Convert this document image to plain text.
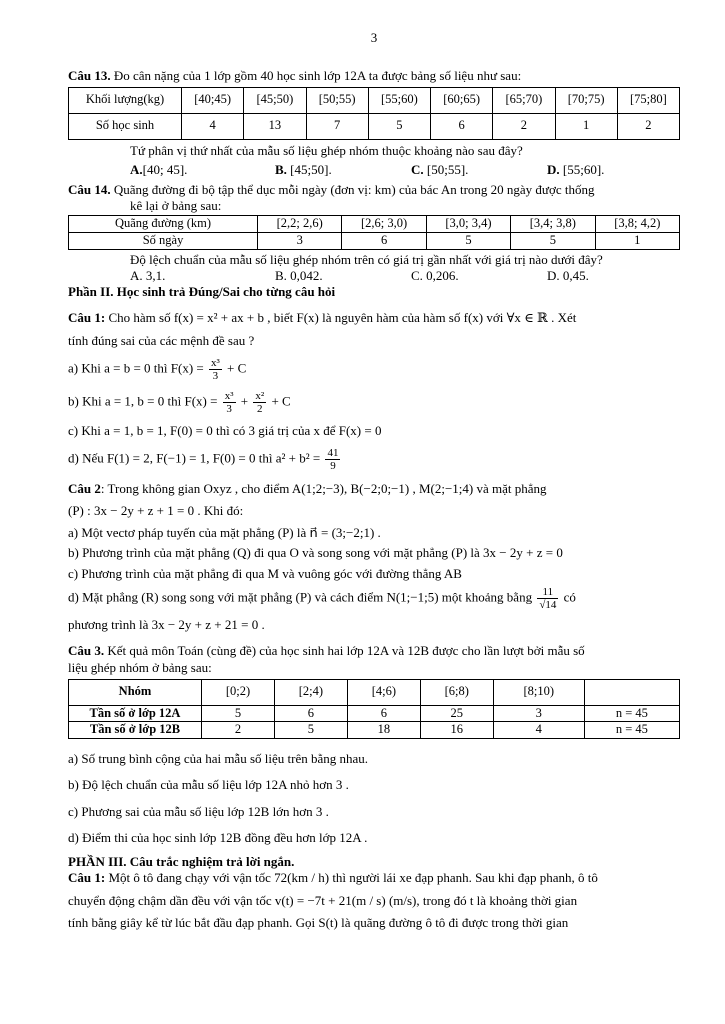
3
Câu 13. Đo cân nặng của 1 lớp gồm 40 học sinh lớp 12A ta được bảng số liệu như sau:
Khối lượng(kg)	[40;45)	[45;50)	[50;55)	[55;60)	[60;65)	[65;70)	[70;75)	[75;80]
Số học sinh	4	13	7	5	6	2	1	2
Tứ phân vị thứ nhất của mẫu số liệu ghép nhóm thuộc khoảng nào sau đây?
A.[40; 45].	B. [45;50].	C. [50;55].	D. [55;60].
Câu 14. Quãng đường đi bộ tập thể dục mỗi ngày (đơn vị: km) của bác An trong 20 ngày được thống
kê lại ở bảng sau:
Quãng đường (km)	[2,2; 2,6)	[2,6; 3,0)	[3,0; 3,4)	[3,4; 3,8)	[3,8; 4,2)
Số ngày	3	6	5	5	1
Độ lệch chuẩn của mẫu số liệu ghép nhóm trên có giá trị gần nhất với giá trị nào dưới đây?
A. 3,1.	B. 0,042.	C. 0,206.	D. 0,45.
Phần II. Học sinh trả Đúng/Sai cho từng câu hỏi
Câu 1: Cho hàm số f(x) = x² + ax + b , biết F(x) là nguyên hàm của hàm số f(x) với ∀x ∈ ℝ . Xét
tính đúng sai của các mệnh đề sau ?
a) Khi a = b = 0 thì $F(x) = \frac{\text{x³}}{3} + C$
b) Khi a = 1, b = 0 thì $F(x) = \frac{\text{x³}}{3} + \frac{\text{x²}}{2} + C$
c) Khi a = 1, b = 1, F(0) = 0 thì có 3 giá trị của x để F(x) = 0
d) Nếu F(1) = 2, F(−1) = 1, F(0) = 0 thì $a^2 + b^2 = \frac{41}{9}$
Câu 2: Trong không gian Oxyz , cho điểm A(1;2;−3), B(−2;0;−1) , M(2;−1;4) và mặt phẳng
(P) : 3x − 2y + z + 1 = 0 . Khi đó:
a) Một vectơ pháp tuyến của mặt phẳng (P) là n⃗ = (3;−2;1) .
b) Phương trình của mặt phẳng (Q) đi qua O và song song với mặt phẳng (P) là 3x − 2y + z = 0
c) Phương trình của mặt phẳng đi qua M và vuông góc với đường thẳng AB
d) Mặt phẳng (R) song song với mặt phẳng (P) và cách điểm N(1;−1;5) một khoảng bằng $\frac{11}{√14}$ có
phương trình là 3x − 2y + z + 21 = 0 .
Câu 3. Kết quả môn Toán (cùng đề) của học sinh hai lớp 12A và 12B được cho lần lượt bởi mẫu số
liệu ghép nhóm ở bảng sau:
Nhóm	[0;2)	[2;4)	[4;6)	[6;8)	[8;10)	
Tần số ở lớp 12A	5	6	6	25	3	n = 45
Tần số ở lớp 12B	2	5	18	16	4	n = 45
a) Số trung bình cộng của hai mẫu số liệu trên bằng nhau.
b) Độ lệch chuẩn của mẫu số liệu lớp 12A nhỏ hơn 3 .
c) Phương sai của mẫu số liệu lớp 12B lớn hơn 3 .
d) Điểm thi của học sinh lớp 12B đồng đều hơn lớp 12A .
PHẦN III. Câu trắc nghiệm trả lời ngắn.
Câu 1: Một ô tô đang chạy với vận tốc 72(km / h) thì người lái xe đạp phanh. Sau khi đạp phanh, ô tô
chuyển động chậm dần đều với vận tốc v(t) = −7t + 21(m / s) (m/s), trong đó t là khoảng thời gian
tính bằng giây kể từ lúc bắt đầu đạp phanh. Gọi S(t) là quãng đường ô tô đi được trong thời gian
